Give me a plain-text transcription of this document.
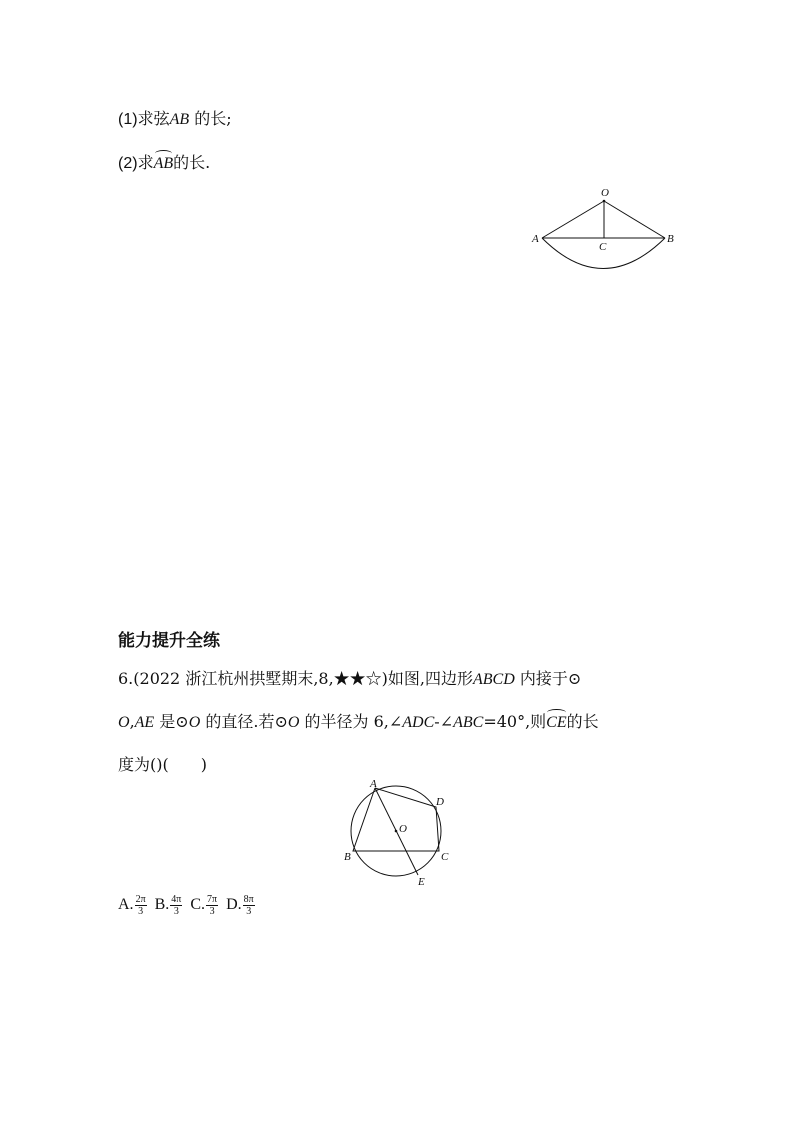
(1)求弦AB 的长;
(2)求AB的长.
O
A	B
C
能力提升全练
6.(2022 浙江杭州拱墅期末,8,★★☆)如图,四边形ABCD 内接于⊙
O,AE 是⊙O 的直径.若⊙O 的半径为 6,∠ADC-∠ABC=40°,则CE的长
度为()(　　)
A
D
O
B	C
E
A. $\frac{2\pi}{3} B$. $\frac{4\pi}{3} C$. $\frac{7\pi}{3} D$. $\frac{8\pi}{3}$
